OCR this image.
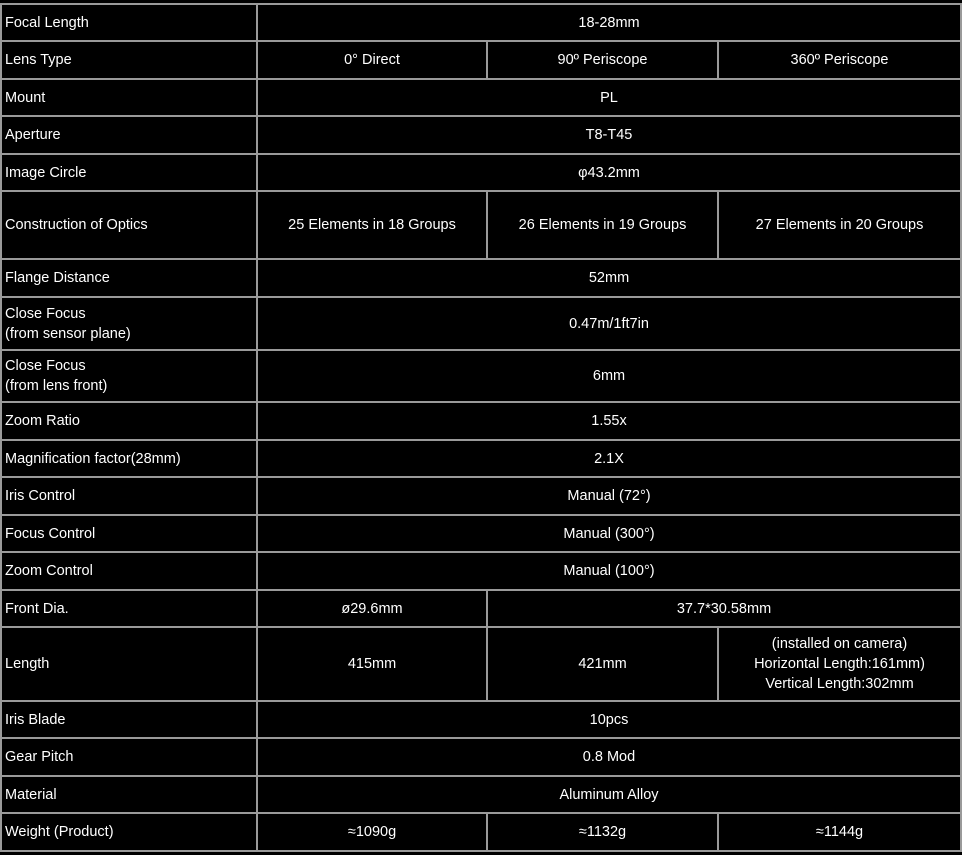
Focal Length	18-28mm		
Lens Type	0° Direct	90º Periscope	360º Periscope
Mount	PL		
Aperture	T8-T45		
Image Circle	φ43.2mm		
Construction of Optics	25 Elements in 18 Groups	26 Elements in 19 Groups	27 Elements in 20 Groups
Flange Distance	52mm		

Close Focus
(from sensor plane)	0.47m/1ft7in		

Close Focus
(from lens front)	6mm		
Zoom Ratio	1.55x		
Magnification factor(28mm)	2.1X		
Iris Control	Manual (72°)		
Focus Control	Manual (300°)		
Zoom Control	Manual (100°)		
Front Dia.	ø29.6mm	37.7*30.58mm	
Length	415mm	421mm	(installed on camera)
Horizontal Length:161mm)
Vertical Length:302mm

Iris Blade	10pcs		
Gear Pitch	0.8 Mod		
Material	Aluminum Alloy		
Weight (Product)	≈1090g	≈1132g	≈1144g
